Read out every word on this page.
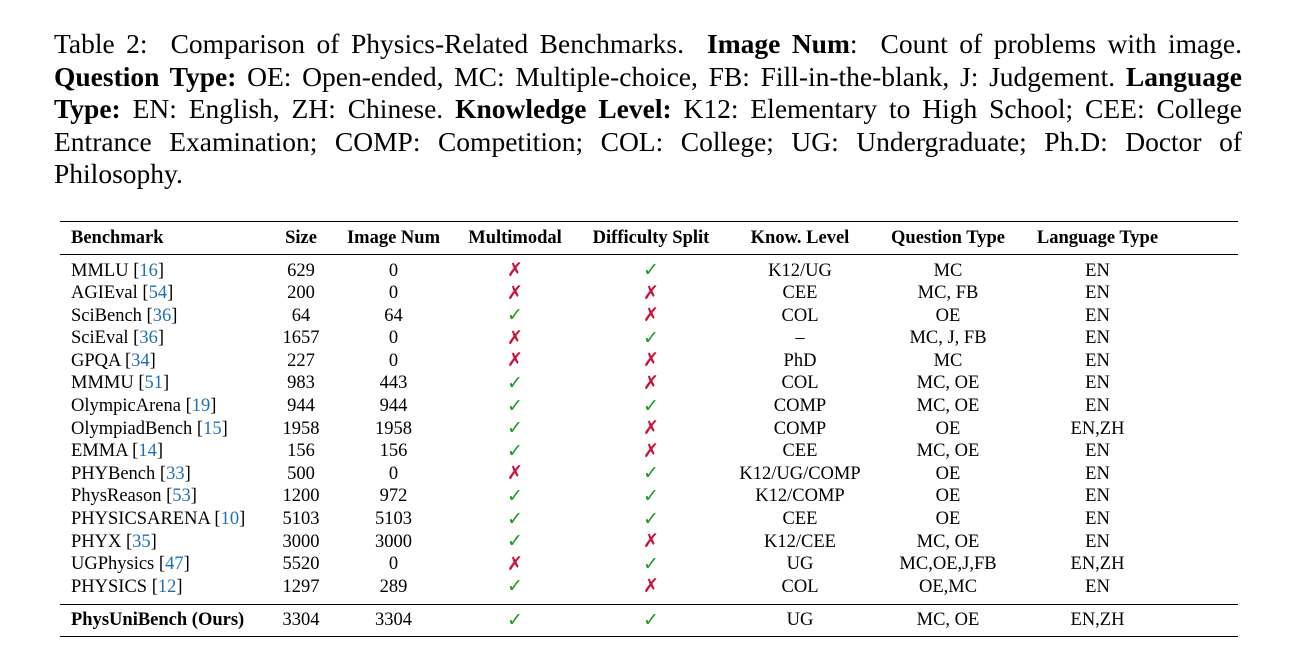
Table 2: Comparison of Physics-Related Benchmarks. Image Num: Count of problems with image. Question Type: OE: Open-ended, MC: Multiple-choice, FB: Fill-in-the-blank, J: Judgement. Language Type: EN: English, ZH: Chinese. Knowledge Level: K12: Elementary to High School; CEE: College Entrance Examination; COMP: Competition; COL: College; UG: Undergraduate; Ph.D: Doctor of Philosophy.
Benchmark	Size	Image Num	Multimodal	Difficulty Split	Know. Level	Question Type	Language Type	
MMLU [16]	629	0	✗	✓	K12/UG	MC	EN	
AGIEval [54]	200	0	✗	✗	CEE	MC, FB	EN	
SciBench [36]	64	64	✓	✗	COL	OE	EN	
SciEval [36]	1657	0	✗	✓	–	MC, J, FB	EN	
GPQA [34]	227	0	✗	✗	PhD	MC	EN	
MMMU [51]	983	443	✓	✗	COL	MC, OE	EN	
OlympicArena [19]	944	944	✓	✓	COMP	MC, OE	EN	
OlympiadBench [15]	1958	1958	✓	✗	COMP	OE	EN,ZH	
EMMA [14]	156	156	✓	✗	CEE	MC, OE	EN	
PHYBench [33]	500	0	✗	✓	K12/UG/COMP	OE	EN	
PhysReason [53]	1200	972	✓	✓	K12/COMP	OE	EN	
PHYSICSARENA [10]	5103	5103	✓	✓	CEE	OE	EN	
PHYX [35]	3000	3000	✓	✗	K12/CEE	MC, OE	EN	
UGPhysics [47]	5520	0	✗	✓	UG	MC,OE,J,FB	EN,ZH	
PHYSICS [12]	1297	289	✓	✗	COL	OE,MC	EN	
PhysUniBench (Ours)	3304	3304	✓	✓	UG	MC, OE	EN,ZH	
